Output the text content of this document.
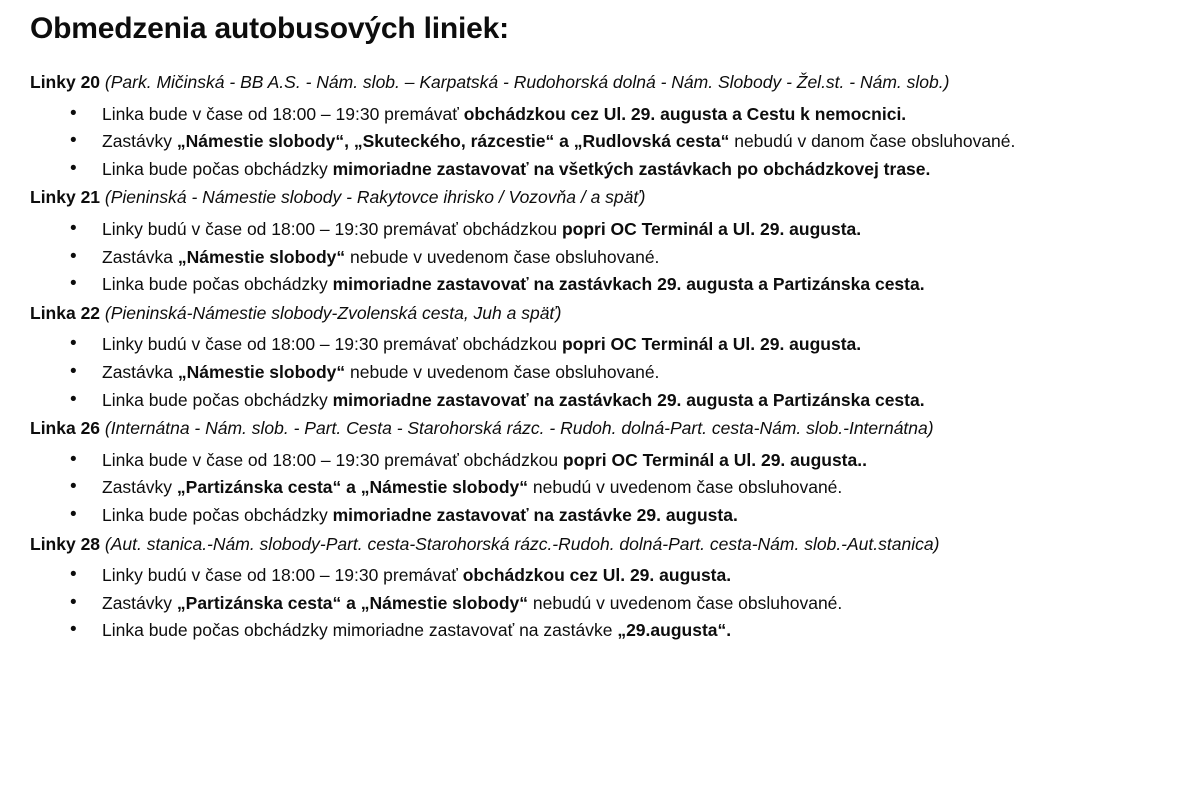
Obmedzenia autobusových liniek:
Linky 20 (Park. Mičinská - BB A.S. - Nám. slob. – Karpatská - Rudohorská dolná - Nám. Slobody - Žel.st. - Nám. slob.)
• Linka bude v čase od 18:00 – 19:30 premávať obchádzkou cez Ul. 29. augusta a Cestu k nemocnici.
• Zastávky „Námestie slobody“, „Skuteckého, rázcestie“ a „Rudlovská cesta“ nebudú v danom čase obsluhované.
• Linka bude počas obchádzky mimoriadne zastavovať na všetkých zastávkach po obchádzkovej trase.
Linky 21 (Pieninská - Námestie slobody - Rakytovce ihrisko / Vozovňa / a späť)
• Linky budú v čase od 18:00 – 19:30 premávať obchádzkou popri OC Terminál a Ul. 29. augusta.
• Zastávka „Námestie slobody“ nebude v uvedenom čase obsluhované.
• Linka bude počas obchádzky mimoriadne zastavovať na zastávkach 29. augusta a Partizánska cesta.
Linka 22 (Pieninská-Námestie slobody-Zvolenská cesta, Juh a späť)
• Linky budú v čase od 18:00 – 19:30 premávať obchádzkou popri OC Terminál a Ul. 29. augusta.
• Zastávka „Námestie slobody“ nebude v uvedenom čase obsluhované.
• Linka bude počas obchádzky mimoriadne zastavovať na zastávkach 29. augusta a Partizánska cesta.
Linka 26 (Internátna - Nám. slob. - Part. Cesta - Starohorská rázc. - Rudoh. dolná-Part. cesta-Nám. slob.-Internátna)
• Linka bude v čase od 18:00 – 19:30 premávať obchádzkou popri OC Terminál a Ul. 29. augusta..
• Zastávky „Partizánska cesta“ a „Námestie slobody“ nebudú v uvedenom čase obsluhované.
• Linka bude počas obchádzky mimoriadne zastavovať na zastávke 29. augusta.
Linky 28 (Aut. stanica.-Nám. slobody-Part. cesta-Starohorská rázc.-Rudoh. dolná-Part. cesta-Nám. slob.-Aut.stanica)
• Linky budú v čase od 18:00 – 19:30 premávať obchádzkou cez Ul. 29. augusta.
• Zastávky „Partizánska cesta“ a „Námestie slobody“ nebudú v uvedenom čase obsluhované.
• Linka bude počas obchádzky mimoriadne zastavovať na zastávke „29.augusta“.
